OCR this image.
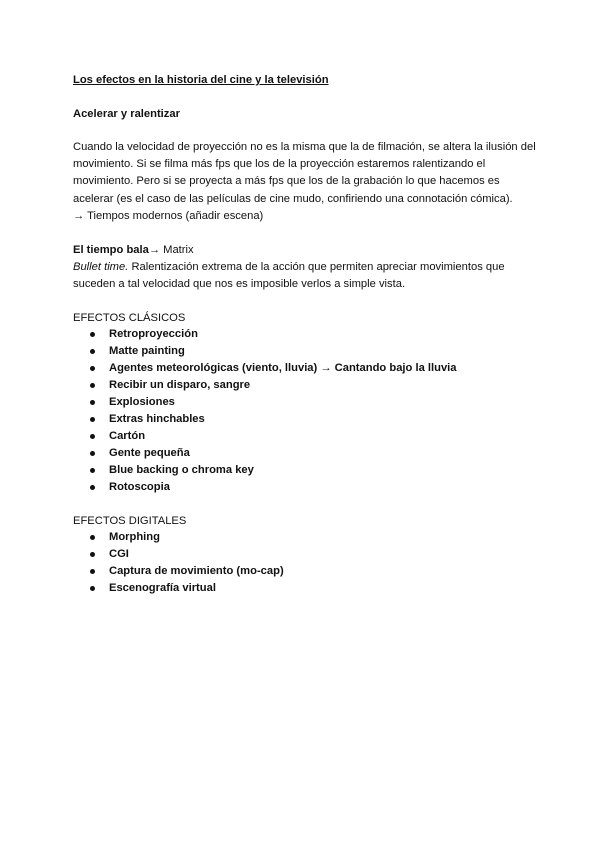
Los efectos en la historia del cine y la televisión
Acelerar y ralentizar
Cuando la velocidad de proyección no es la misma que la de filmación, se altera la ilusión del
movimiento. Si se filma más fps que los de la proyección estaremos ralentizando el
movimiento. Pero si se proyecta a más fps que los de la grabación lo que hacemos es
acelerar (es el caso de las películas de cine mudo, confiriendo una connotación cómica).
→ Tiempos modernos (añadir escena)
El tiempo bala→ Matrix
Bullet time. Ralentización extrema de la acción que permiten apreciar movimientos que
suceden a tal velocidad que nos es imposible verlos a simple vista.
EFECTOS CLÁSICOS
Retroproyección
Matte painting
Agentes meteorológicas (viento, lluvia) → Cantando bajo la lluvia
Recibir un disparo, sangre
Explosiones
Extras hinchables
Cartón
Gente pequeña
Blue backing o chroma key
Rotoscopia
EFECTOS DIGITALES
Morphing
CGI
Captura de movimiento (mo-cap)
Escenografía virtual
